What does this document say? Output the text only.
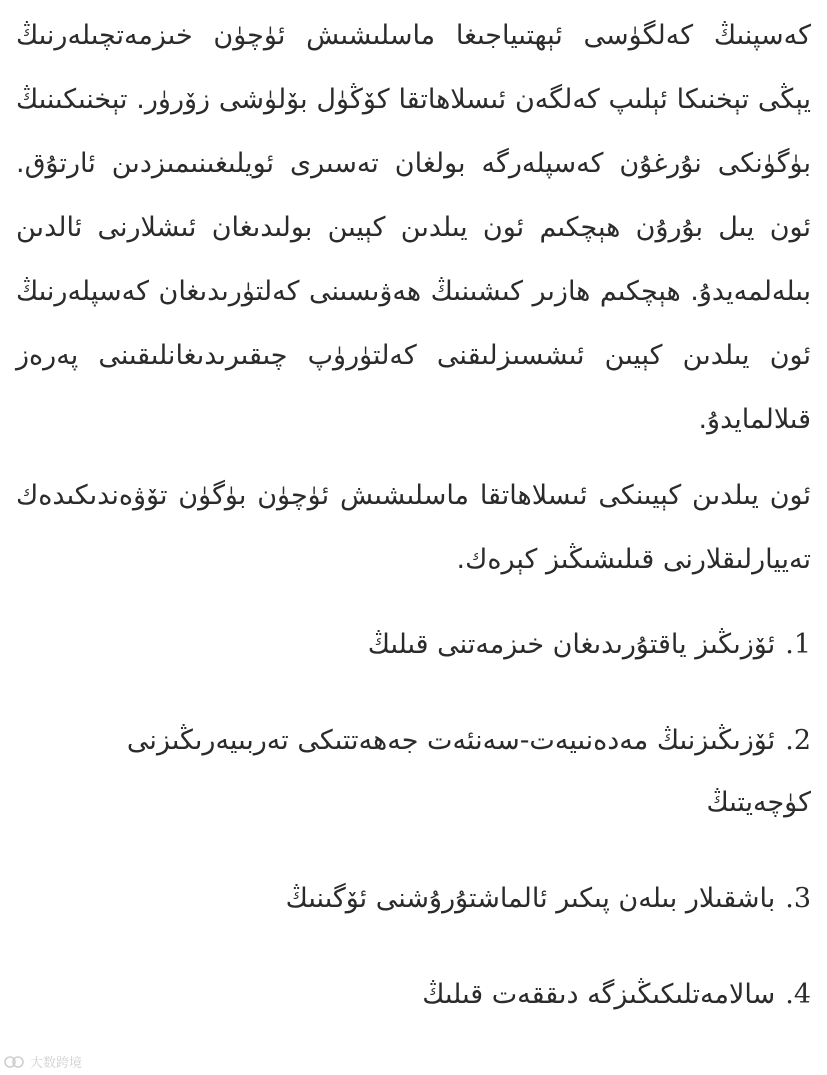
كەسپنىڭ كەلگۈسى ئېھتىياجىغا ماسلىشىش ئۈچۈن خىزمەتچىلەرنىڭ يېڭى تېخنىكا ئېلىپ كەلگەن ئىسلاھاتقا كۆڭۈل بۆلۈشى زۆرۈر. تېخنىكىنىڭ بۈگۈنكى نۇرغۇن كەسپلەرگە بولغان تەسىرى ئويلىغىنىمىزدىن ئارتۇق. ئون يىل بۇرۇن ھېچكىم ئون يىلدىن كېيىن بولىدىغان ئىشلارنى ئالدىن بىلەلمەيدۇ. ھېچكىم ھازىر كىشىنىڭ ھەۋىسىنى كەلتۈرىدىغان كەسپلەرنىڭ ئون يىلدىن كېيىن ئىشسىزلىقنى كەلتۈرۈپ چىقىرىدىغانلىقىنى پەرەز قىلالمايدۇ.

ئون يىلدىن كېيىنكى ئىسلاھاتقا ماسلىشىش ئۈچۈن بۈگۈن تۆۋەندىكىدەك تەييارلىقلارنى قىلىشىڭىز كېرەك.

1.ئۆزىڭىز ياقتۇرىدىغان خىزمەتنى قىلىڭ
2.ئۆزىڭىزنىڭ مەدەنىيەت-سەنئەت جەھەتتىكى تەربىيەرىڭىزنى كۈچەيتىڭ
3.باشقىلار بىلەن پىكىر ئالماشتۇرۇشنى ئۆگىنىڭ
4.سالامەتلىكىڭىزگە دىققەت قىلىڭ
大数跨境
